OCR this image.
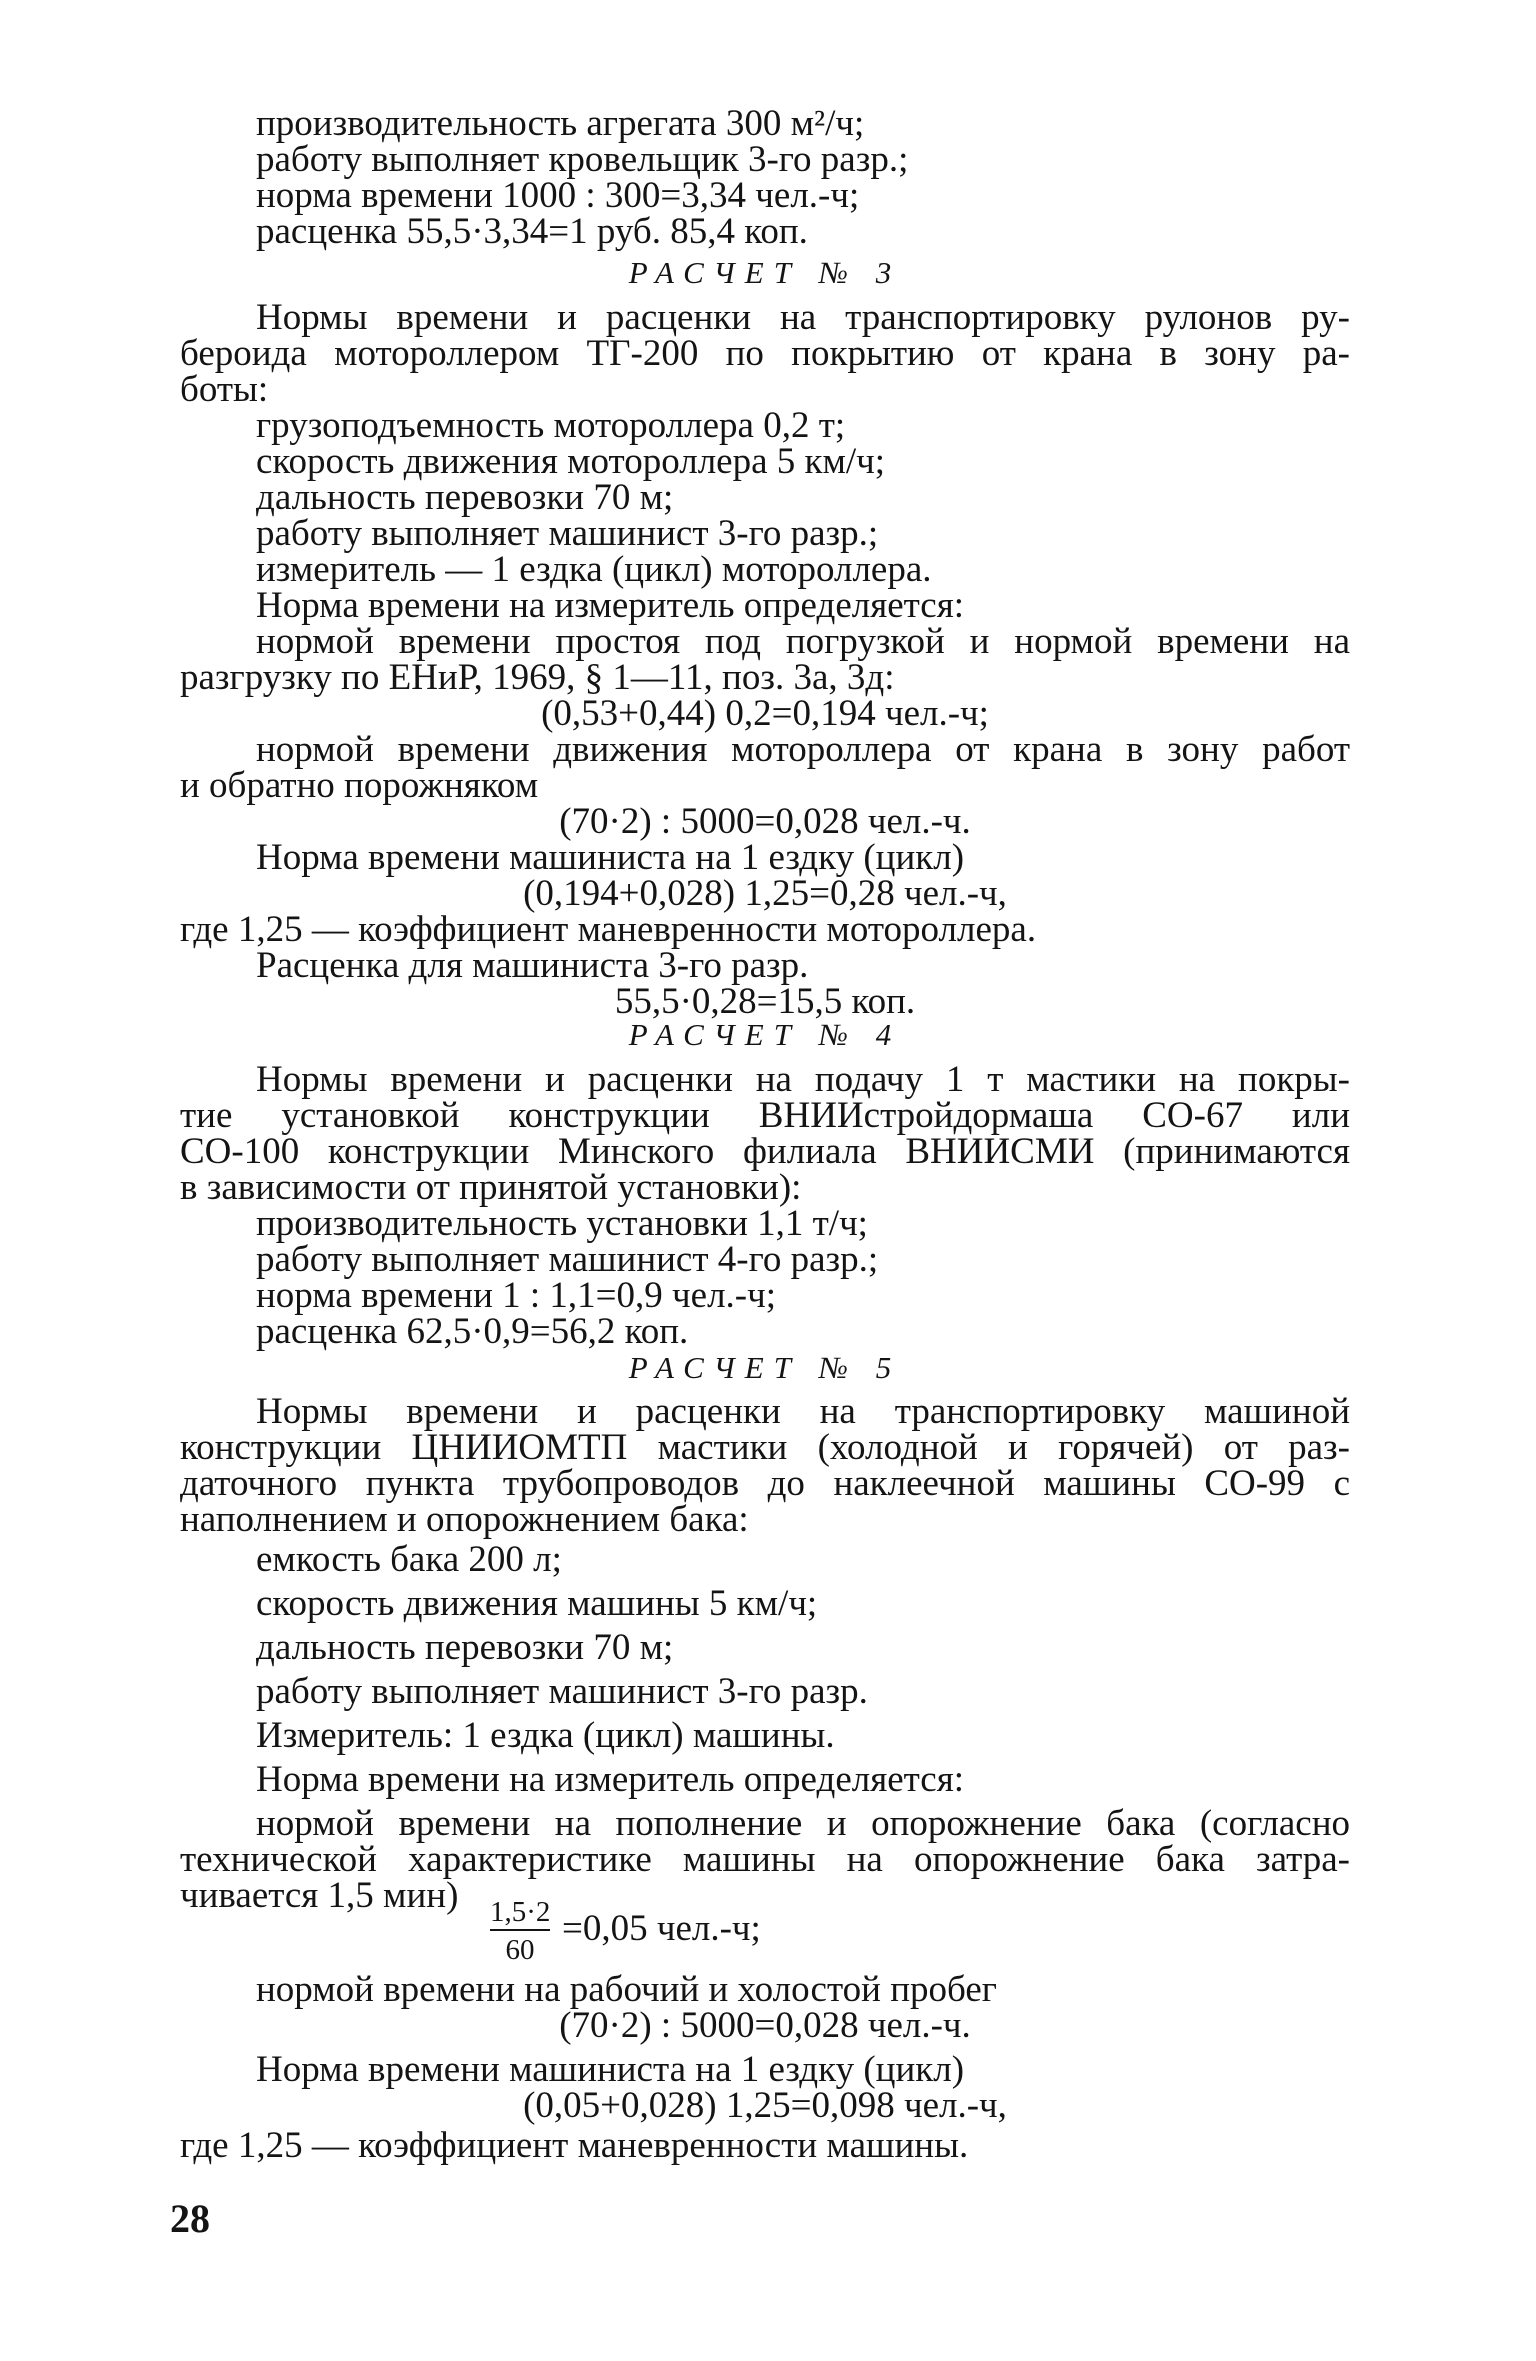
производительность агрегата 300 м²/ч;
работу выполняет кровельщик 3-го разр.;
норма времени 1000 : 300=3,34 чел.-ч;
расценка 55,5·3,34=1 руб. 85,4 коп.
РАСЧЕТ № 3
Нормы времени и расценки на транспортировку рулонов ру-
бероида мотороллером ТГ-200 по покрытию от крана в зону ра-
боты:
грузоподъемность мотороллера 0,2 т;
скорость движения мотороллера 5 км/ч;
дальность перевозки 70 м;
работу выполняет машинист 3-го разр.;
измеритель — 1 ездка (цикл) мотороллера.
Норма времени на измеритель определяется:
нормой времени простоя под погрузкой и нормой времени на
разгрузку по ЕНиР, 1969, § 1—11, поз. 3а, 3д:
(0,53+0,44) 0,2=0,194 чел.-ч;
нормой времени движения мотороллера от крана в зону работ
и обратно порожняком
(70·2) : 5000=0,028 чел.-ч.
Норма времени машиниста на 1 ездку (цикл)
(0,194+0,028) 1,25=0,28 чел.-ч,
где 1,25 — коэффициент маневренности мотороллера.
Расценка для машиниста 3-го разр.
55,5·0,28=15,5 коп.
РАСЧЕТ № 4
Нормы времени и расценки на подачу 1 т мастики на покры-
тие установкой конструкции ВНИИстройдормаша СО-67 или
СО-100 конструкции Минского филиала ВНИИСМИ (принимаются
в зависимости от принятой установки):
производительность установки 1,1 т/ч;
работу выполняет машинист 4-го разр.;
норма времени 1 : 1,1=0,9 чел.-ч;
расценка 62,5·0,9=56,2 коп.
РАСЧЕТ № 5
Нормы времени и расценки на транспортировку машиной
конструкции ЦНИИОМТП мастики (холодной и горячей) от раз-
даточного пункта трубопроводов до наклеечной машины СО-99 с
наполнением и опорожнением бака:
емкость бака 200 л;
скорость движения машины 5 км/ч;
дальность перевозки 70 м;
работу выполняет машинист 3-го разр.
Измеритель: 1 ездка (цикл) машины.
Норма времени на измеритель определяется:
нормой времени на пополнение и опорожнение бака (согласно
технической характеристике машины на опорожнение бака затра-
чивается 1,5 мин)	1,5·2
60
=0,05 чел.-ч;
нормой времени на рабочий и холостой пробег
(70·2) : 5000=0,028 чел.-ч.
Норма времени машиниста на 1 ездку (цикл)
(0,05+0,028) 1,25=0,098 чел.-ч,
где 1,25 — коэффициент маневренности машины.
28
